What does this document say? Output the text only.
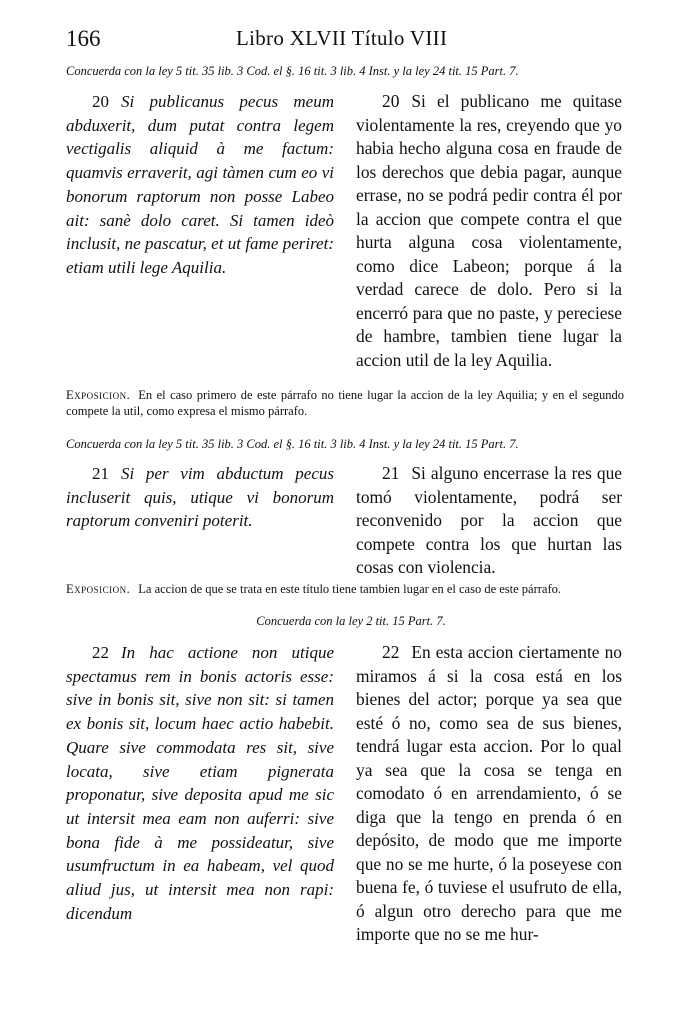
166	Libro XLVII Título VIII
Concuerda con la ley 5 tit. 35 lib. 3 Cod. el §. 16 tit. 3 lib. 4 Inst. y la ley 24 tit. 15 Part. 7.

20 Si publicanus pecus meum abduxerit, dum putat contra legem vectigalis aliquid à me factum: quamvis erraverit, agi tàmen cum eo vi bonorum raptorum non posse Labeo ait: sanè dolo caret. Si tamen ideò inclusit, ne pascatur, et ut fame periret: etiam utili lege Aquilia.

20 Si el publicano me quitase violentamente la res, creyendo que yo habia hecho alguna cosa en fraude de los derechos que debia pagar, aunque errase, no se podrá pedir contra él por la accion que compete contra el que hurta alguna cosa violentamente, como dice Labeon; porque á la verdad carece de dolo. Pero si la encerró para que no paste, y pereciese de hambre, tambien tiene lugar la accion util de la ley Aquilia.

Exposicion. En el caso primero de este párrafo no tiene lugar la accion de la ley Aquilia; y en el segundo compete la util, como expresa el mismo párrafo.

Concuerda con la ley 5 tit. 35 lib. 3 Cod. el §. 16 tit. 3 lib. 4 Inst. y la ley 24 tit. 15 Part. 7.

21 Si per vim abductum pecus incluserit quis, utique vi bonorum raptorum conveniri poterit.

21 Si alguno encerrase la res que tomó violentamente, podrá ser reconvenido por la accion que compete contra los que hurtan las cosas con violencia.

Exposicion. La accion de que se trata en este título tiene tambien lugar en el caso de este párrafo.

Concuerda con la ley 2 tit. 15 Part. 7.

22 In hac actione non utique spectamus rem in bonis actoris esse: sive in bonis sit, sive non sit: si tamen ex bonis sit, locum haec actio habebit. Quare sive commodata res sit, sive locata, sive etiam pignerata proponatur, sive deposita apud me sic ut intersit mea eam non auferri: sive bona fide à me possideatur, sive usumfructum in ea habeam, vel quod aliud jus, ut intersit mea non rapi: dicendum

22 En esta accion ciertamente no miramos á si la cosa está en los bienes del actor; porque ya sea que esté ó no, como sea de sus bienes, tendrá lugar esta accion. Por lo qual ya sea que la cosa se tenga en comodato ó en arrendamiento, ó se diga que la tengo en prenda ó en depósito, de modo que me importe que no se me hurte, ó la poseyese con buena fe, ó tuviese el usufruto de ella, ó algun otro derecho para que me importe que no se me hur-
